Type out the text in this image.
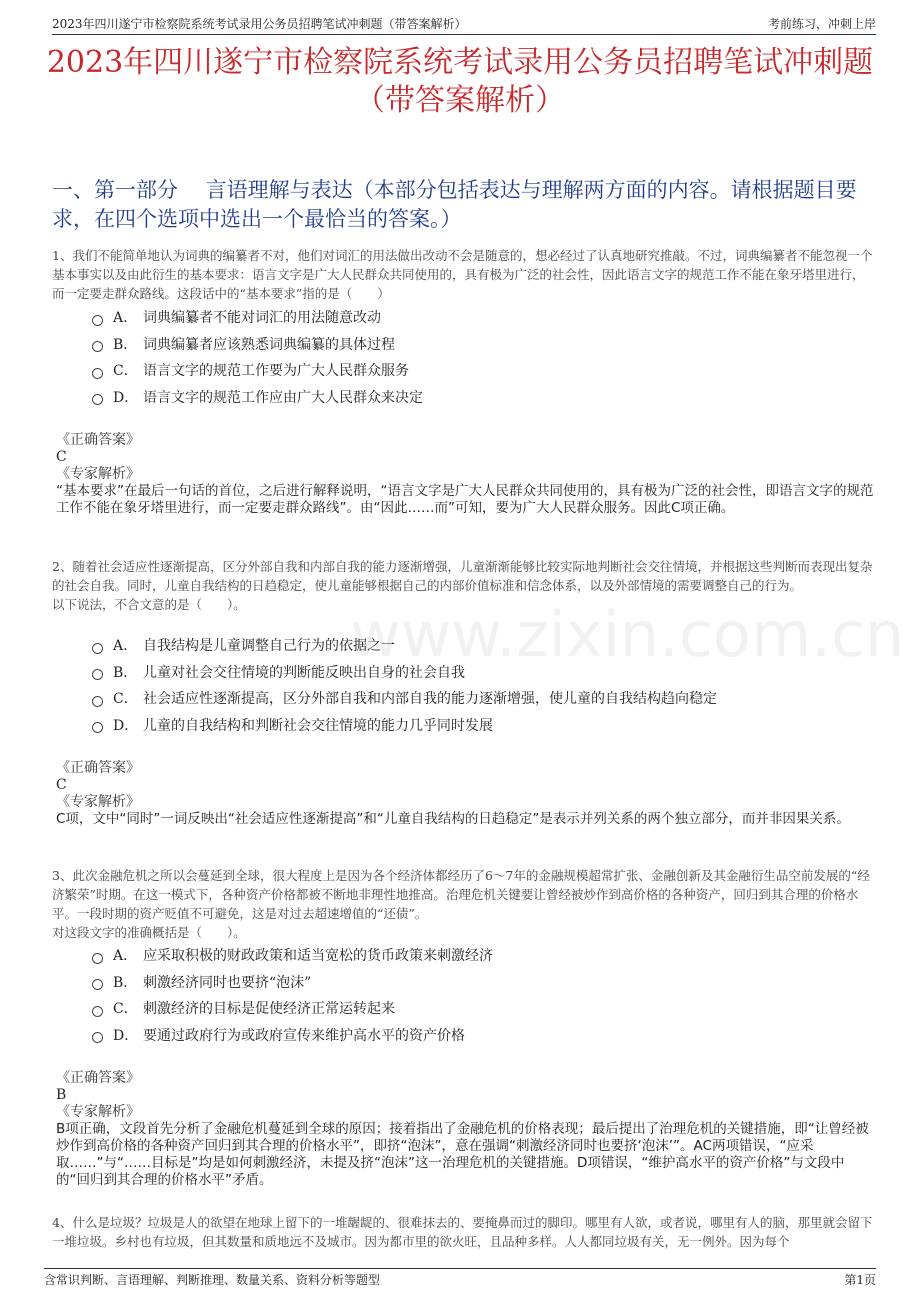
2023年四川遂宁市检察院系统考试录用公务员招聘笔试冲刺题（带答案解析）	考前练习，冲刺上岸
2023年四川遂宁市检察院系统考试录用公务员招聘笔试冲刺题
（带答案解析）
一、第一部分　 言语理解与表达（本部分包括表达与理解两方面的内容。请根据题目要求，在四个选项中选出一个最恰当的答案。）
1、我们不能简单地认为词典的编纂者不对，他们对词汇的用法做出改动不会是随意的，想必经过了认真地研究推敲。不过，词典编纂者不能忽视一个基本事实以及由此衍生的基本要求：语言文字是广大人民群众共同使用的，具有极为广泛的社会性，因此语言文字的规范工作不能在象牙塔里进行，而一定要走群众路线。这段话中的“基本要求”指的是（　　）
A． 词典编纂者不能对词汇的用法随意改动
B． 词典编纂者应该熟悉词典编纂的具体过程
C． 语言文字的规范工作要为广大人民群众服务
D． 语言文字的规范工作应由广大人民群众来决定
《正确答案》
C
《专家解析》
“基本要求”在最后一句话的首位，之后进行解释说明，“语言文字是广大人民群众共同使用的，具有极为广泛的社会性，即语言文字的规范工作不能在象牙塔里进行，而一定要走群众路线”。由“因此……而”可知，要为广大人民群众服务。因此C项正确。
2、随着社会适应性逐渐提高，区分外部自我和内部自我的能力逐渐增强，儿童渐渐能够比较实际地判断社会交往情境，并根据这些判断而表现出复杂的社会自我。同时，儿童自我结构的日趋稳定，使儿童能够根据自己的内部价值标准和信念体系，以及外部情境的需要调整自己的行为。
以下说法，不合文意的是（　　）。
A． 自我结构是儿童调整自己行为的依据之一
B． 儿童对社会交往情境的判断能反映出自身的社会自我
C． 社会适应性逐渐提高，区分外部自我和内部自我的能力逐渐增强，使儿童的自我结构趋向稳定
D． 儿童的自我结构和判断社会交往情境的能力几乎同时发展
《正确答案》
C
《专家解析》
C项，文中“同时”一词反映出“社会适应性逐渐提高”和“儿童自我结构的日趋稳定”是表示并列关系的两个独立部分，而并非因果关系。
3、此次金融危机之所以会蔓延到全球，很大程度上是因为各个经济体都经历了6～7年的金融规模超常扩张、金融创新及其金融衍生品空前发展的“经济繁荣”时期。在这一模式下，各种资产价格都被不断地非理性地推高。治理危机关键要让曾经被炒作到高价格的各种资产，回归到其合理的价格水平。一段时期的资产贬值不可避免，这是对过去超速增值的“还债”。
对这段文字的准确概括是（　　）。
A． 应采取积极的财政政策和适当宽松的货币政策来刺激经济
B． 刺激经济同时也要挤“泡沫”
C． 刺激经济的目标是促使经济正常运转起来
D． 要通过政府行为或政府宣传来维护高水平的资产价格
《正确答案》
B
《专家解析》
B项正确，文段首先分析了金融危机蔓延到全球的原因；接着指出了金融危机的价格表现；最后提出了治理危机的关键措施，即“让曾经被炒作到高价格的各种资产回归到其合理的价格水平”，即挤“泡沫”，意在强调“刺激经济同时也要挤‘泡沫’”。AC两项错误，“应采取……”与“……目标是”均是如何刺激经济，未提及挤“泡沫”这一治理危机的关键措施。D项错误，“维护高水平的资产价格”与文段中的“回归到其合理的价格水平”矛盾。
4、什么是垃圾？垃圾是人的欲望在地球上留下的一堆龌龊的、很难抹去的、要掩鼻而过的脚印。哪里有人欲，或者说，哪里有人的脑，那里就会留下一堆垃圾。乡村也有垃圾，但其数量和质地远不及城市。因为都市里的欲火旺，且品种多样。人人都同垃圾有关，无一例外。因为每个
www.zixin.com.cn
含常识判断、言语理解、判断推理、数量关系、资料分析等题型	第1页
